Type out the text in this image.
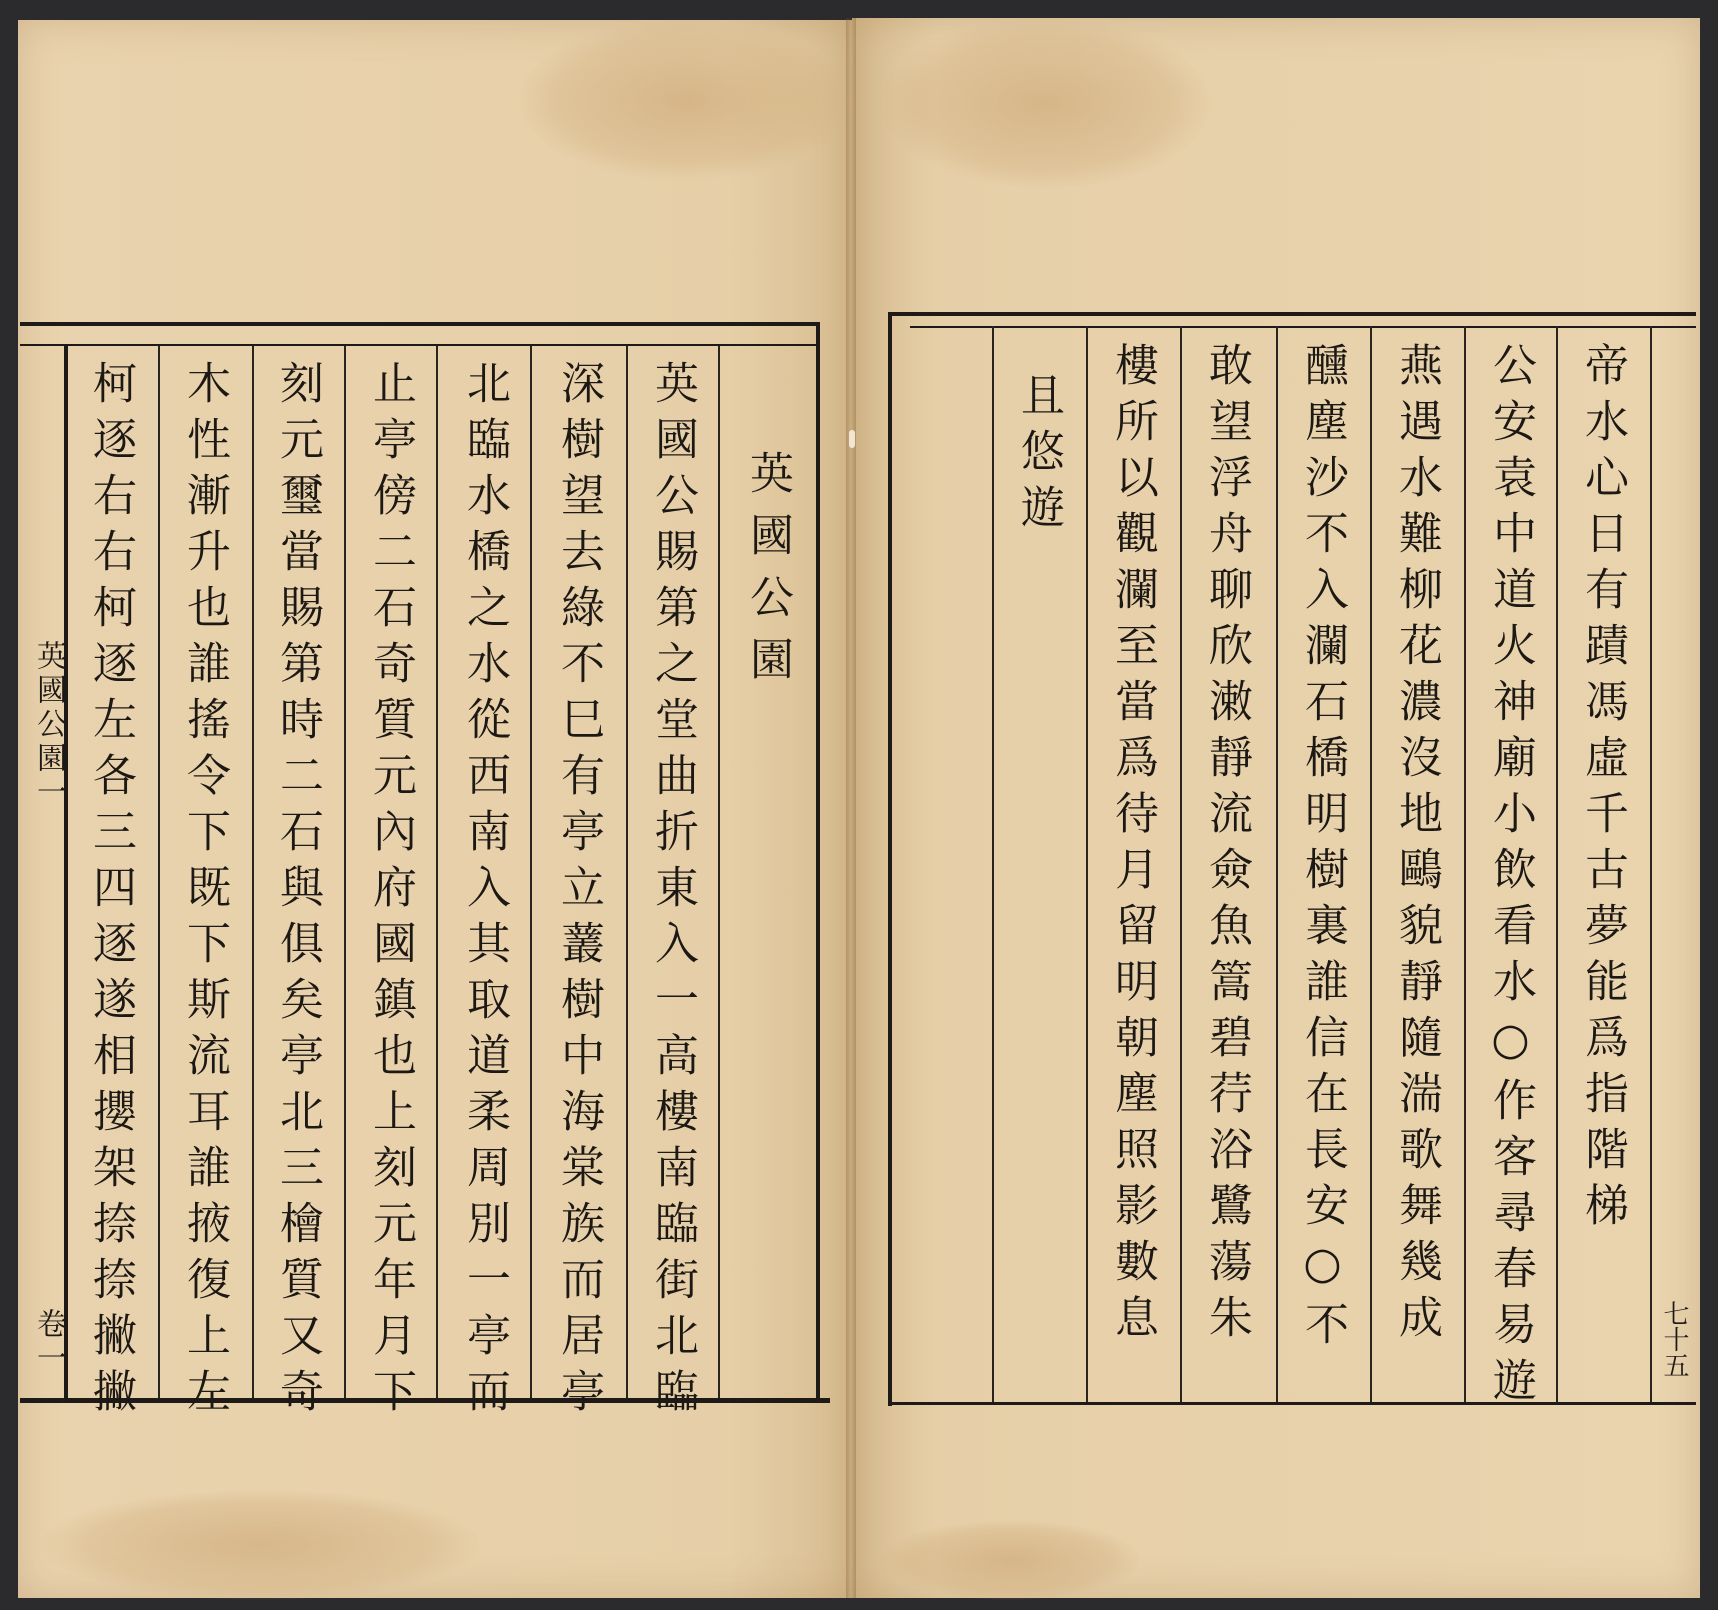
英國公園
英國公賜第之堂曲折東入一高樓南臨街北臨
深樹望去綠不巳有亭立䕺樹中海棠族而居亭
北臨水橋之水從西南入其取道柔周別一亭而
止亭傍二石奇質元內府國鎮也上刻元年月下
刻元璽當賜第時二石與俱矣亭北三檜質又奇
木性漸升也誰搖令下既下斯流耳誰掖復上左
柯逐右右柯逐左各三四逐遂相攖架捺捺撇撇
英國公園一
卷一
帝水心日有蹟馮虛千古夢能爲指階梯
公安袁中道火神廟小飲看水○作客尋春易遊
燕遇水難柳花濃沒地鷗貌靜隨湍歌舞幾成
醺塵沙不入瀾石橋明樹裏誰信在長安○不
敢望浮舟聊欣潄靜流僉魚篙碧荇浴鷺蕩朱
樓所以觀瀾至當爲待月留明朝塵照影數息
且悠遊
七十五
